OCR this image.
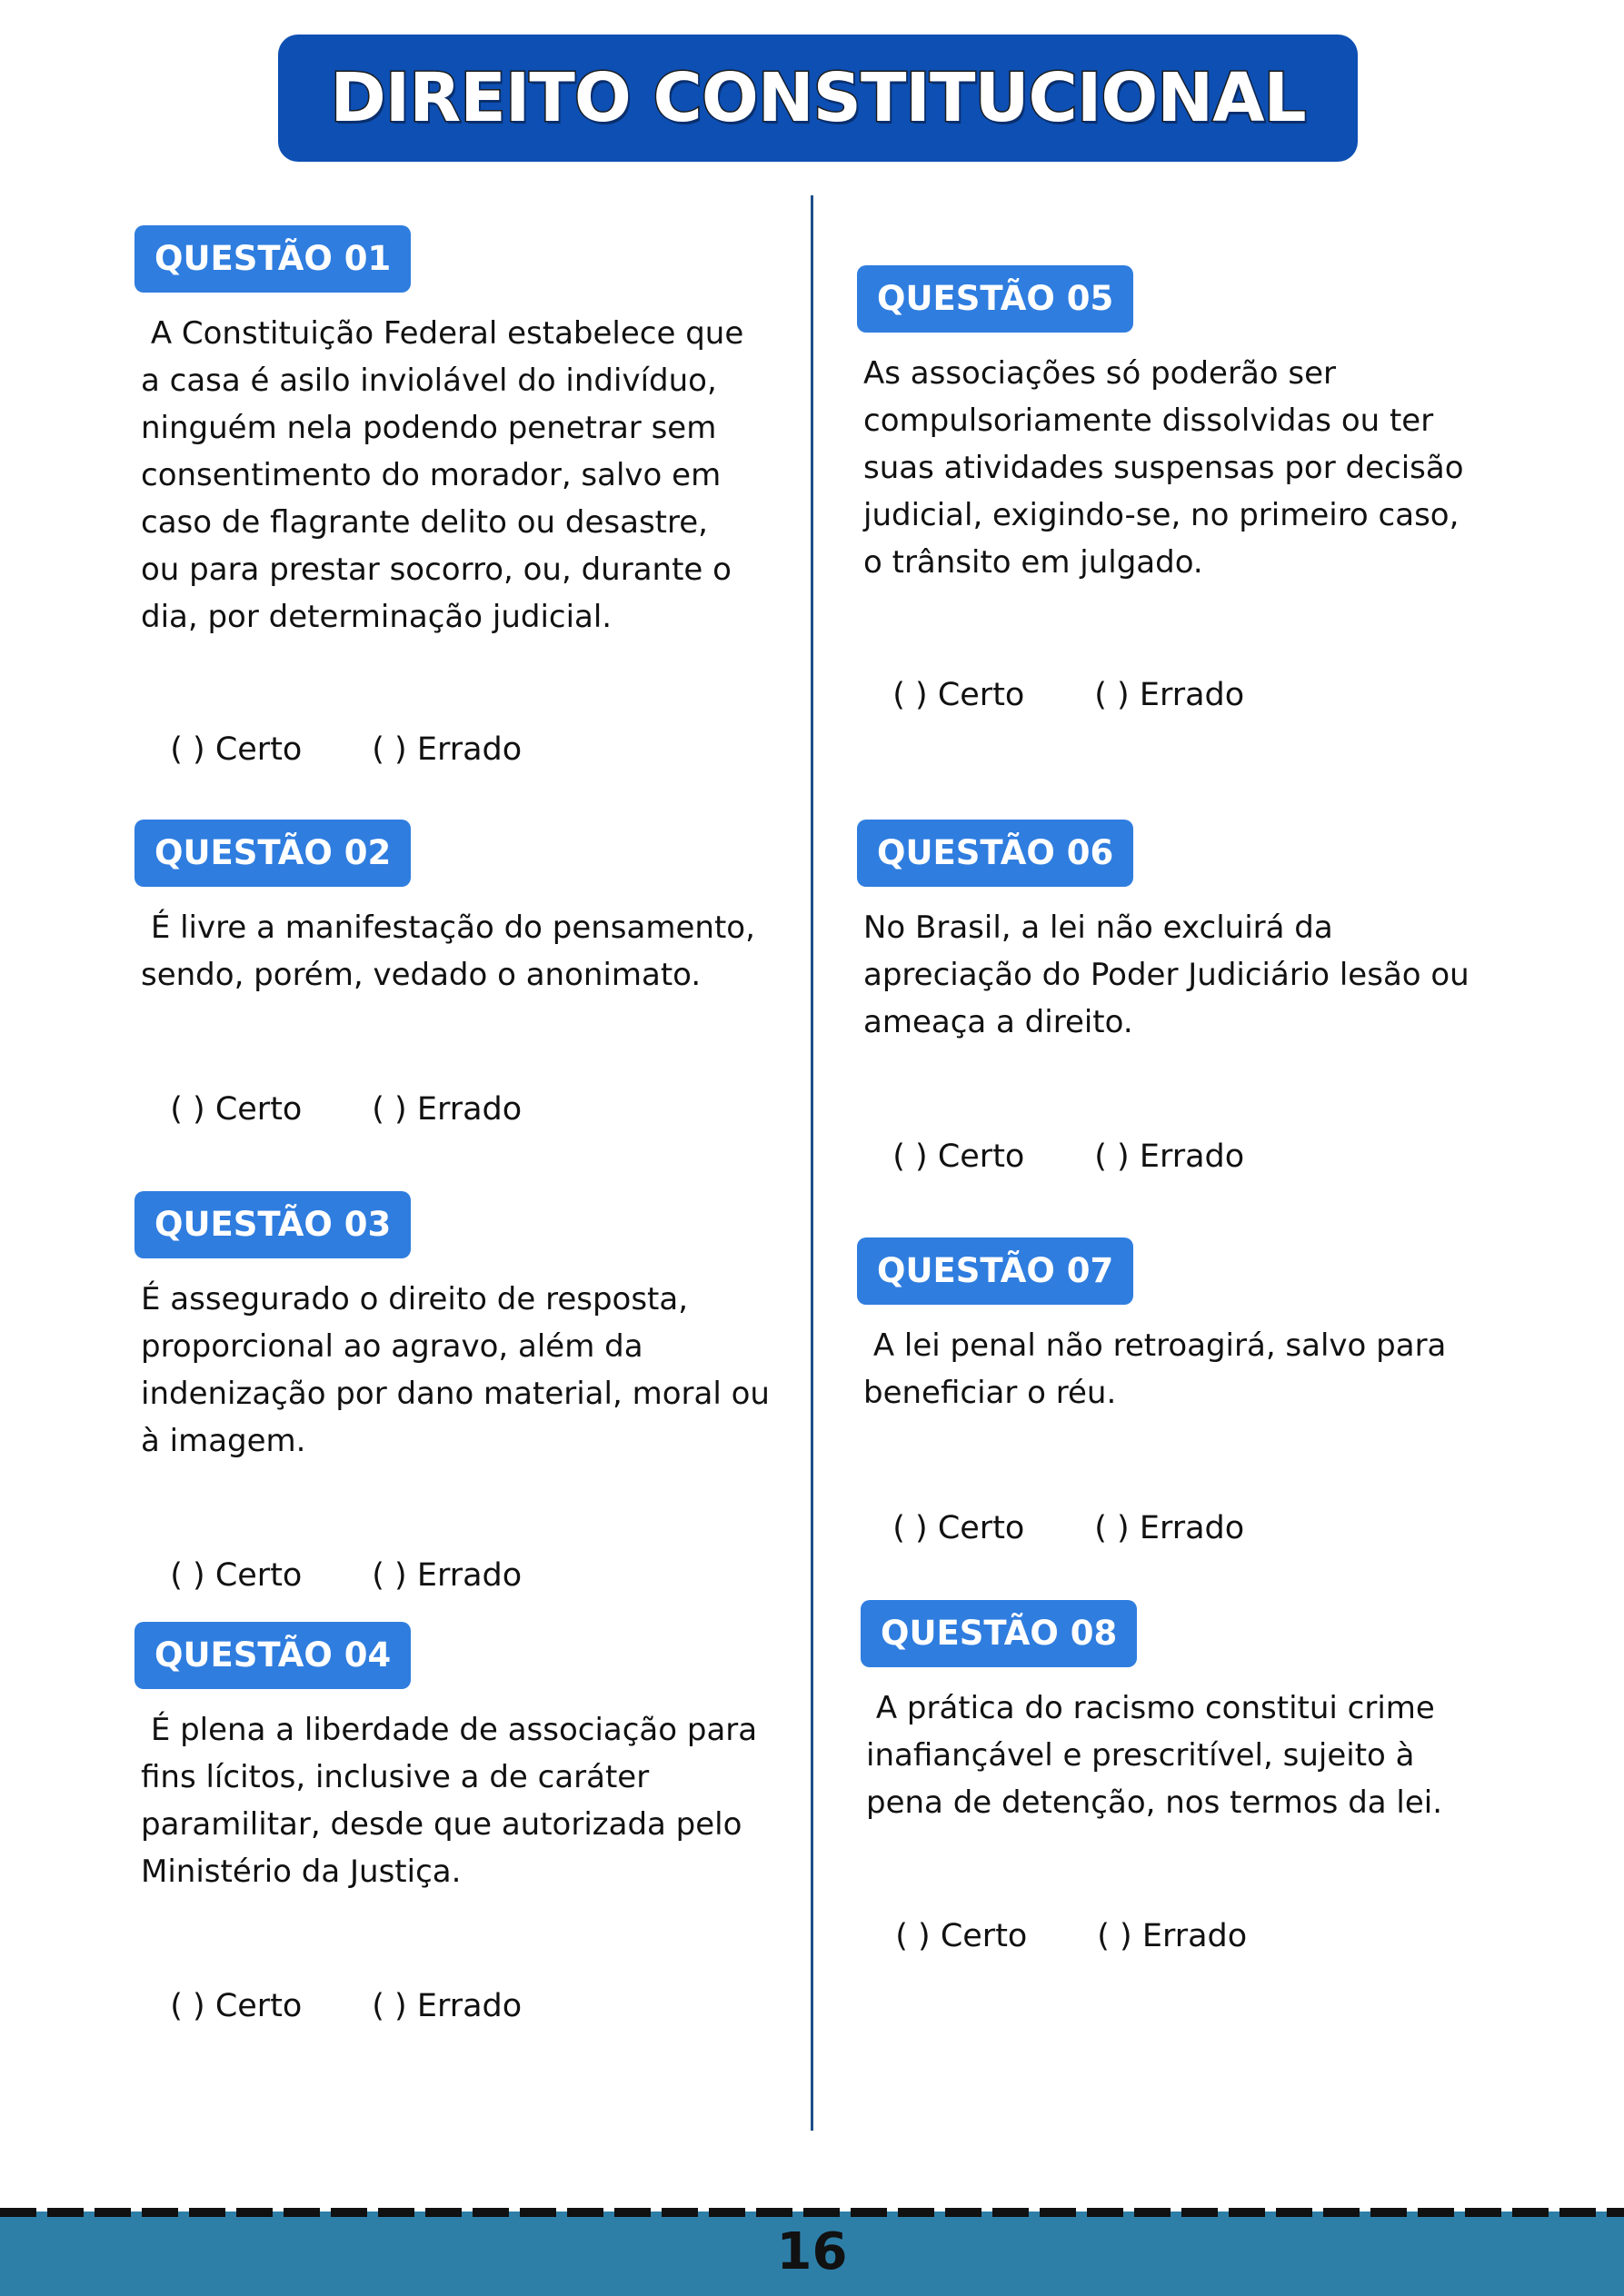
DIREITO CONSTITUCIONAL
QUESTÃO 01

A Constituição Federal estabelece que
a casa é asilo inviolável do indivíduo,
ninguém nela podendo penetrar sem
consentimento do morador, salvo em
caso de flagrante delito ou desastre,
ou para prestar socorro, ou, durante o
dia, por determinação judicial.

( ) Certo ( ) Errado

QUESTÃO 02

É livre a manifestação do pensamento,
sendo, porém, vedado o anonimato.

( ) Certo ( ) Errado

QUESTÃO 03

É assegurado o direito de resposta,
proporcional ao agravo, além da
indenização por dano material, moral ou
à imagem.

( ) Certo ( ) Errado

QUESTÃO 04

É plena a liberdade de associação para
fins lícitos, inclusive a de caráter
paramilitar, desde que autorizada pelo
Ministério da Justiça.

( ) Certo ( ) Errado

QUESTÃO 05

As associações só poderão ser
compulsoriamente dissolvidas ou ter
suas atividades suspensas por decisão
judicial, exigindo-se, no primeiro caso,
o trânsito em julgado.

( ) Certo ( ) Errado

QUESTÃO 06

No Brasil, a lei não excluirá da
apreciação do Poder Judiciário lesão ou
ameaça a direito.

( ) Certo ( ) Errado

QUESTÃO 07

A lei penal não retroagirá, salvo para
beneficiar o réu.

( ) Certo ( ) Errado

QUESTÃO 08

A prática do racismo constitui crime
inafiançável e prescritível, sujeito à
pena de detenção, nos termos da lei.

( ) Certo ( ) Errado

16
